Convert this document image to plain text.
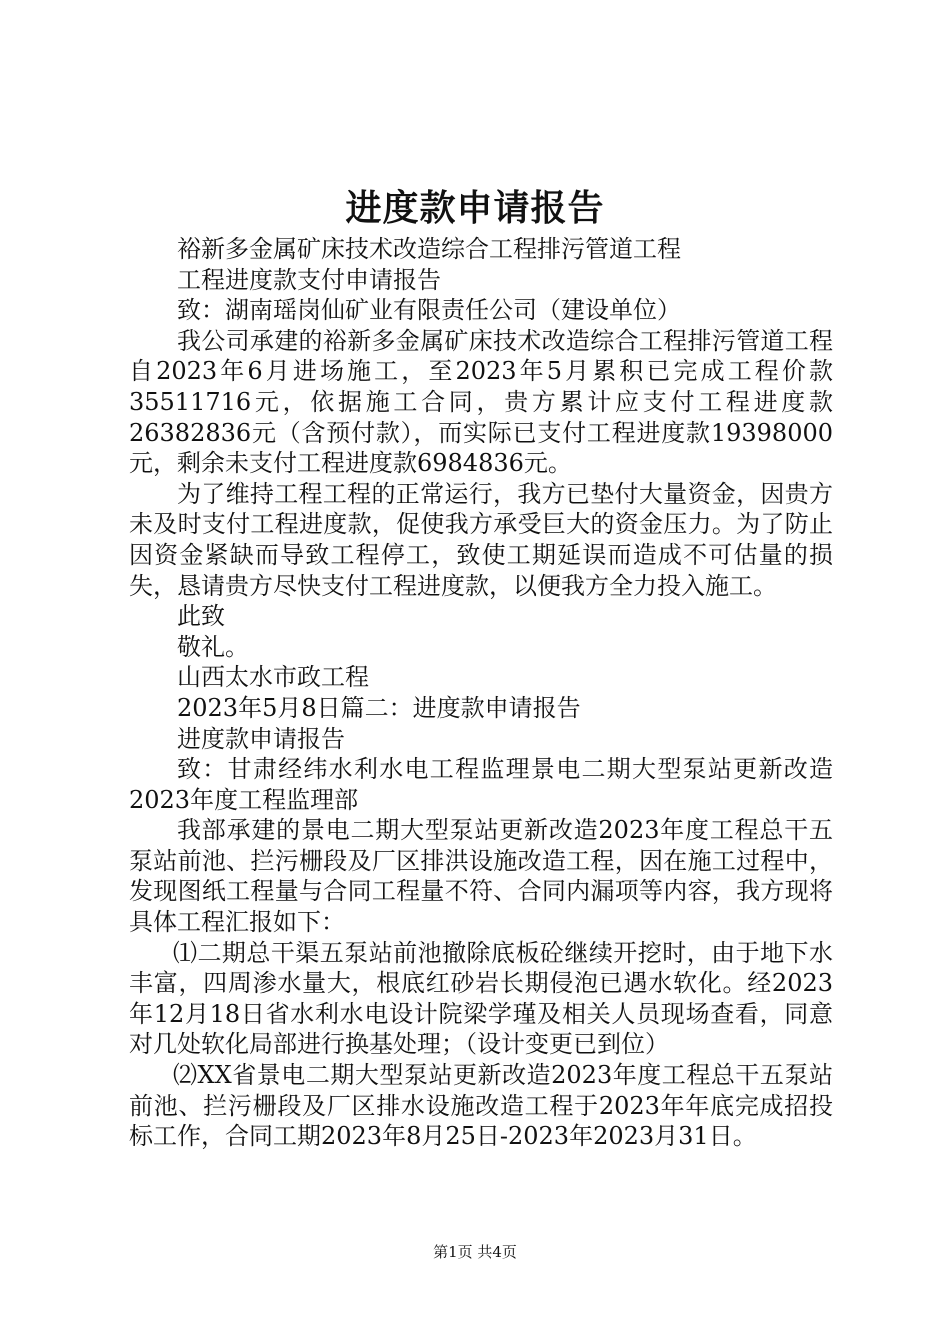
进度款申请报告

裕新多金属矿床技术改造综合工程排污管道工程

工程进度款支付申请报告

致：湖南瑶岗仙矿业有限责任公司（建设单位）

我公司承建的裕新多金属矿床技术改造综合工程排污管道工程自2023年6月进场施工，至2023年5月累积已完成工程价款35511716元，依据施工合同，贵方累计应支付工程进度款26382836元（含预付款），而实际已支付工程进度款19398000元，剩余未支付工程进度款6984836元。

为了维持工程工程的正常运行，我方已垫付大量资金，因贵方未及时支付工程进度款，促使我方承受巨大的资金压力。为了防止因资金紧缺而导致工程停工，致使工期延误而造成不可估量的损失，恳请贵方尽快支付工程进度款，以便我方全力投入施工。

此致

敬礼。

山西太水市政工程

2023年5月8日篇二：进度款申请报告

进度款申请报告

致：甘肃经纬水利水电工程监理景电二期大型泵站更新改造2023年度工程监理部

我部承建的景电二期大型泵站更新改造2023年度工程总干五泵站前池、拦污栅段及厂区排洪设施改造工程，因在施工过程中，发现图纸工程量与合同工程量不符、合同内漏项等内容，我方现将具体工程汇报如下：

⑴二期总干渠五泵站前池撤除底板砼继续开挖时，由于地下水丰富，四周渗水量大，根底红砂岩长期侵泡已遇水软化。经2023年12月18日省水利水电设计院梁学瑾及相关人员现场查看，同意对几处软化局部进行换基处理；（设计变更已到位）

⑵XX省景电二期大型泵站更新改造2023年度工程总干五泵站前池、拦污栅段及厂区排水设施改造工程于2023年年底完成招投标工作，合同工期2023年8月25日-2023年2023月31日。

第1页 共4页
